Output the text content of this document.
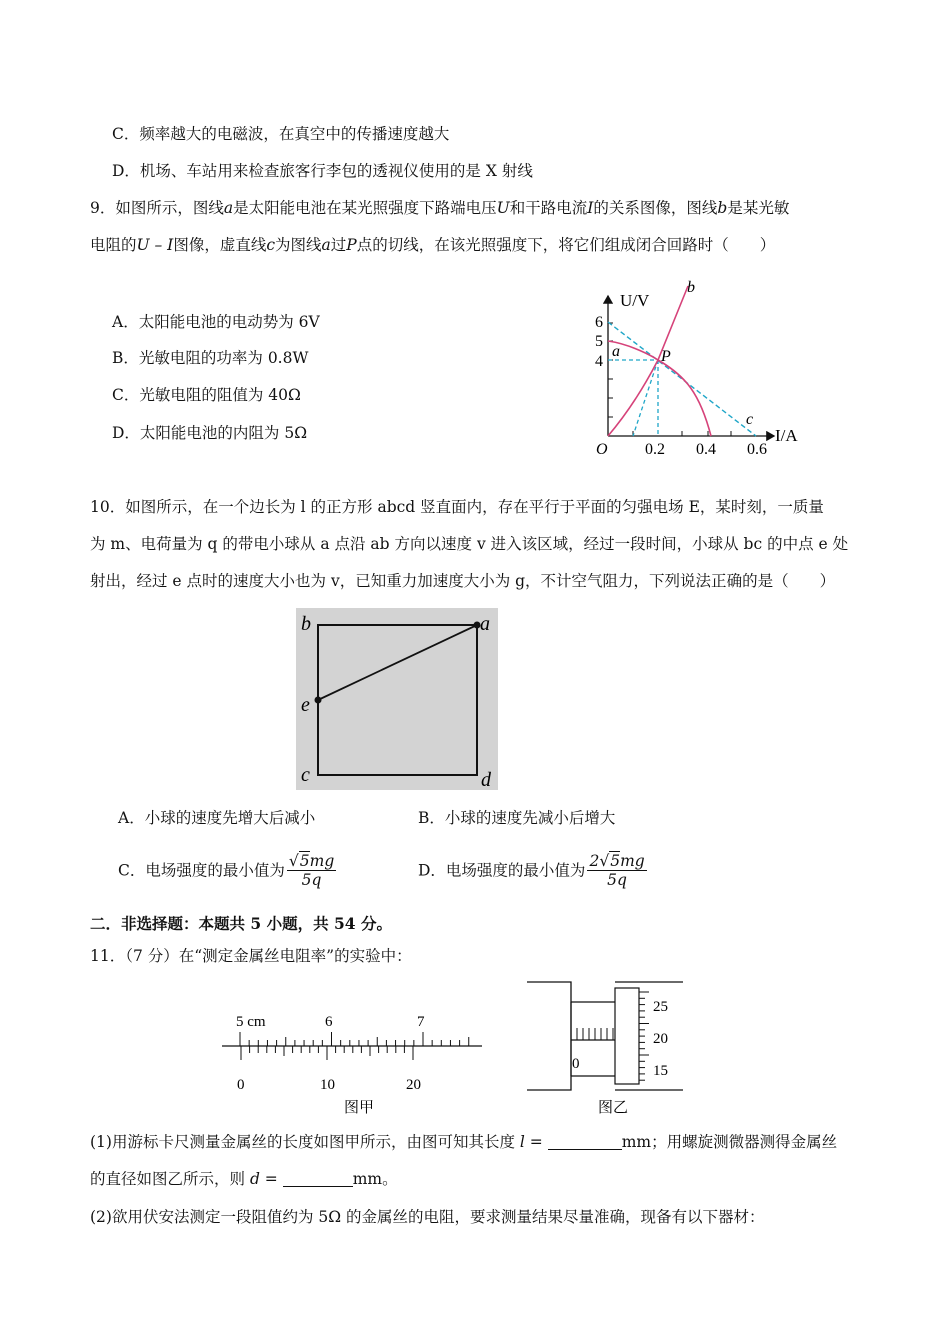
C．频率越大的电磁波，在真空中的传播速度越大
D．机场、车站用来检查旅客行李包的透视仪使用的是 X 射线
9．如图所示，图线a是太阳能电池在某光照强度下路端电压U和干路电流I的关系图像，图线b是某光敏
电阻的U – I图像，虚直线c为图线a过P点的切线，在该光照强度下，将它们组成闭合回路时（　　）
A．太阳能电池的电动势为 6V
B．光敏电阻的功率为 0.8W
C．光敏电阻的阻值为 40Ω
D．太阳能电池的内阻为 5Ω
U/V
I/A
6
5
4
O 0.2 0.4 0.6
a
b
c
P
10．如图所示，在一个边长为 l 的正方形 abcd 竖直面内，存在平行于平面的匀强电场 E，某时刻，一质量
为 m、电荷量为 q 的带电小球从 a 点沿 ab 方向以速度 v 进入该区域，经过一段时间，小球从 bc 的中点 e 处
射出，经过 e 点时的速度大小也为 v，已知重力加速度大小为 g，不计空气阻力，下列说法正确的是（　　）
b	a
e
c	d
A．小球的速度先增大后减小	B．小球的速度先减小后增大
C．电场强度的最小值为 $\frac{√5mg}{5q}$	D．电场强度的最小值为 $\frac{2√5mg}{5q}$
二．非选择题：本题共 5 小题，共 54 分。
11．（7 分）在“测定金属丝电阻率”的实验中：
5 cm	6	7
0	10	20
图甲
25
20
15
0
图乙
(1)用游标卡尺测量金属丝的长度如图甲所示，由图可知其长度 l =	mm；用螺旋测微器测得金属丝
的直径如图乙所示，则 d =	mm。
(2)欲用伏安法测定一段阻值约为 5Ω 的金属丝的电阻，要求测量结果尽量准确，现备有以下器材：
